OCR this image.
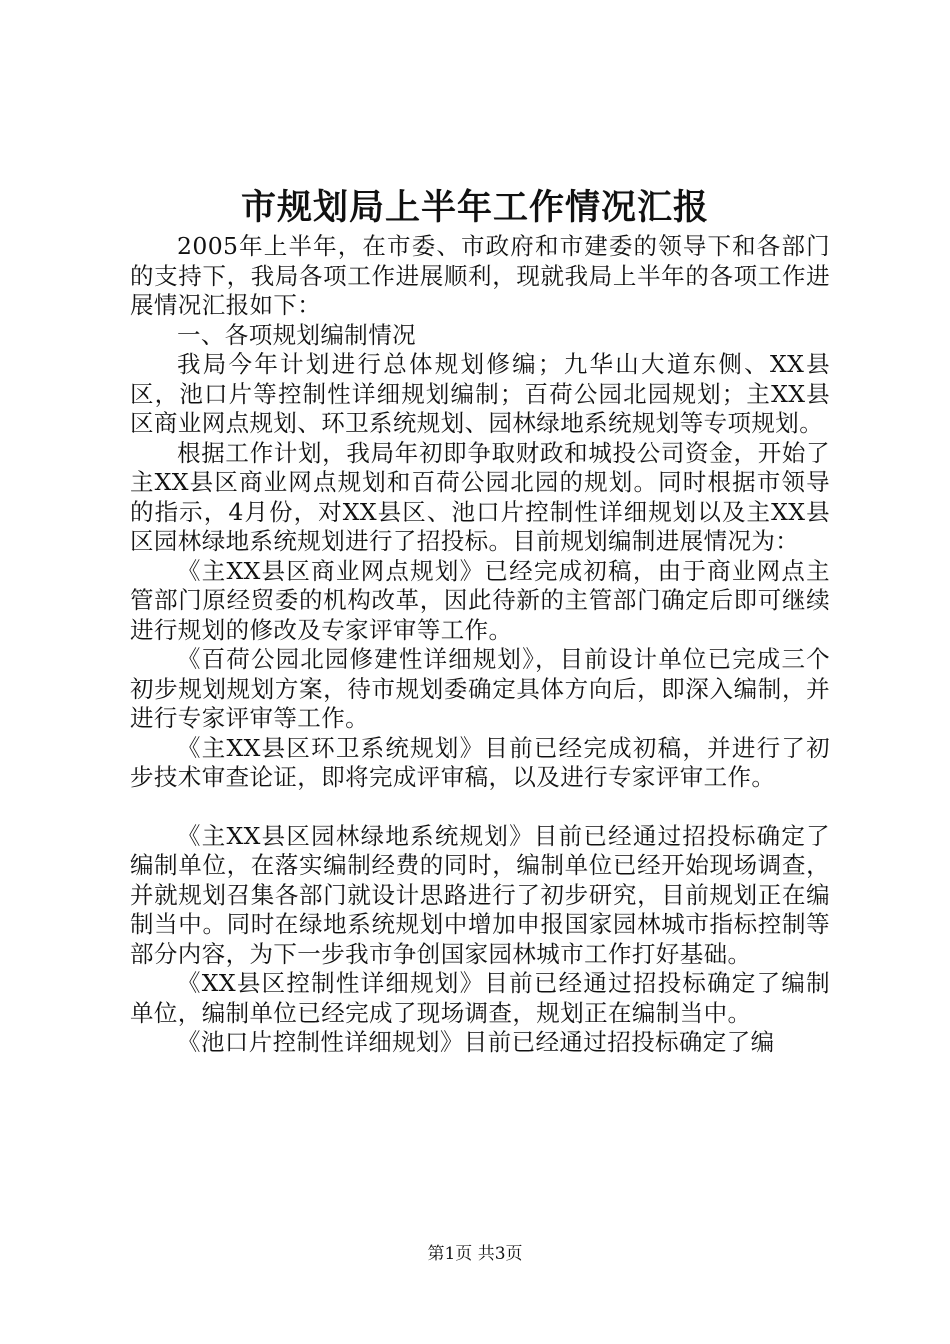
市规划局上半年工作情况汇报

2005年上半年，在市委、市政府和市建委的领导下和各部门的支持下，我局各项工作进展顺利，现就我局上半年的各项工作进展情况汇报如下：

一、各项规划编制情况

我局今年计划进行总体规划修编；九华山大道东侧、XX县区，池口片等控制性详细规划编制；百荷公园北园规划；主XX县区商业网点规划、环卫系统规划、园林绿地系统规划等专项规划。

根据工作计划，我局年初即争取财政和城投公司资金，开始了主XX县区商业网点规划和百荷公园北园的规划。同时根据市领导的指示，4月份，对XX县区、池口片控制性详细规划以及主XX县区园林绿地系统规划进行了招投标。目前规划编制进展情况为：

《主XX县区商业网点规划》已经完成初稿，由于商业网点主管部门原经贸委的机构改革，因此待新的主管部门确定后即可继续进行规划的修改及专家评审等工作。

《百荷公园北园修建性详细规划》，目前设计单位已完成三个初步规划规划方案，待市规划委确定具体方向后，即深入编制，并进行专家评审等工作。

《主XX县区环卫系统规划》目前已经完成初稿，并进行了初步技术审查论证，即将完成评审稿，以及进行专家评审工作。

《主XX县区园林绿地系统规划》目前已经通过招投标确定了编制单位，在落实编制经费的同时，编制单位已经开始现场调查，并就规划召集各部门就设计思路进行了初步研究，目前规划正在编制当中。同时在绿地系统规划中增加申报国家园林城市指标控制等部分内容，为下一步我市争创国家园林城市工作打好基础。

《XX县区控制性详细规划》目前已经通过招投标确定了编制单位，编制单位已经完成了现场调查，规划正在编制当中。

《池口片控制性详细规划》目前已经通过招投标确定了编

第1页 共3页
